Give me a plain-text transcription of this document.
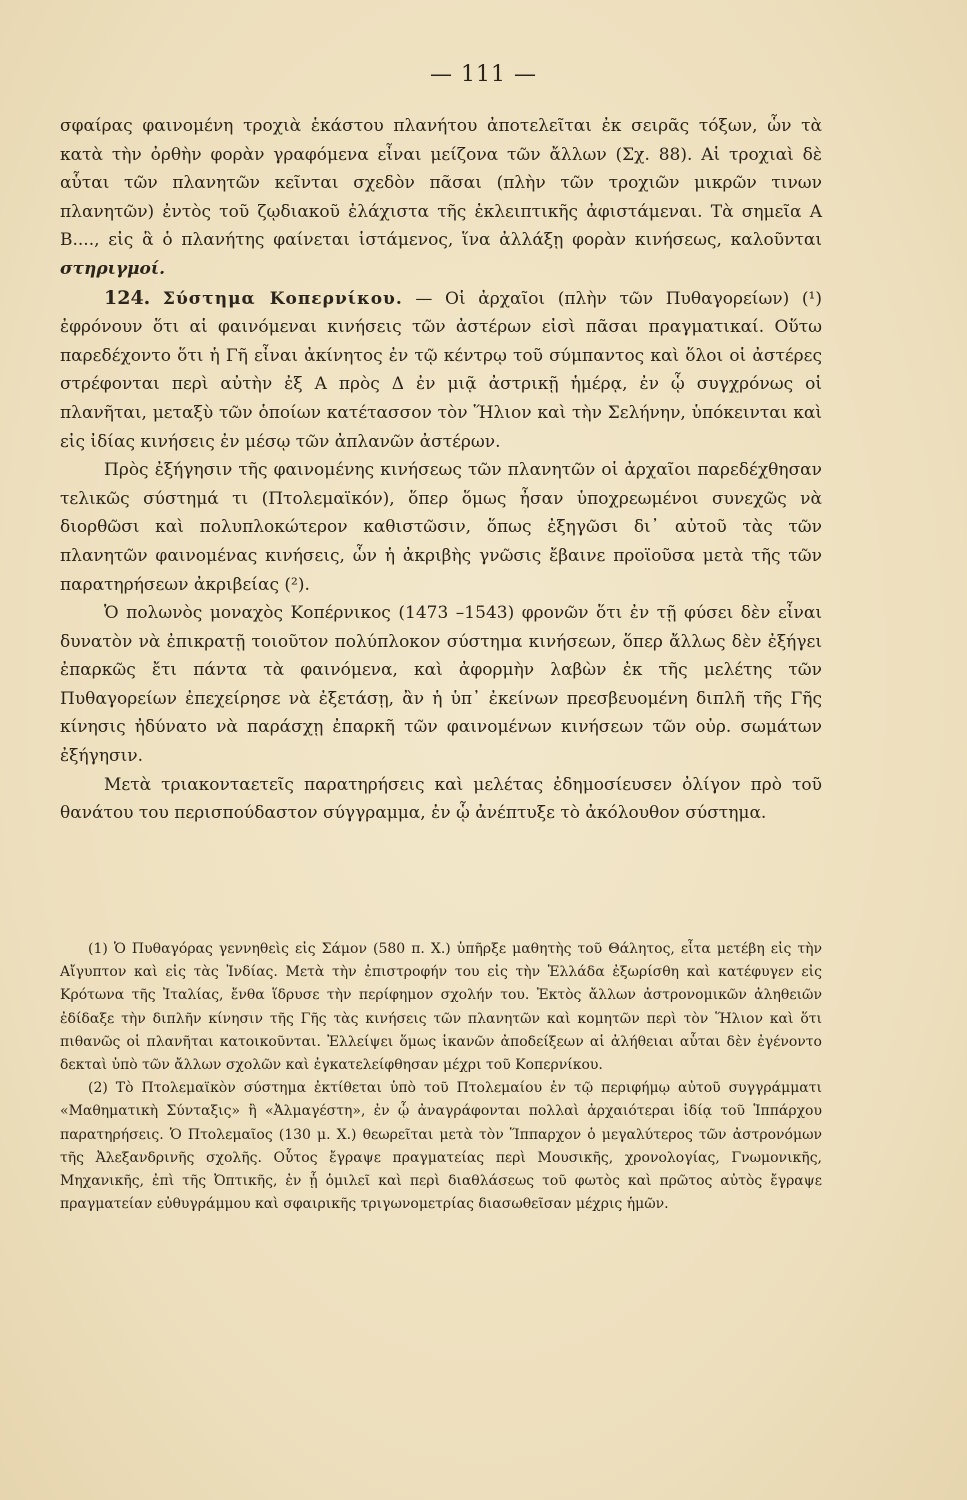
— 111 —

σφαίρας φαινομένη τροχιὰ ἑκάστου πλανήτου ἀποτελεῖται ἐκ σειρᾶς τόξων, ὧν τὰ κατὰ τὴν ὀρθὴν φορὰν γραφόμενα εἶναι μείζονα τῶν ἄλλων (Σχ. 88). Αἱ τροχιαὶ δὲ αὗται τῶν πλανητῶν κεῖνται σχεδὸν πᾶσαι (πλὴν τῶν τροχιῶν μικρῶν τινων πλανητῶν) ἐντὸς τοῦ ζῳδιακοῦ ἐλάχιστα τῆς ἐκλειπτικῆς ἀφιστάμεναι. Τὰ σημεῖα Α Β...., εἰς ἃ ὁ πλανήτης φαίνεται ἱστάμενος, ἵνα ἀλλάξῃ φορὰν κινήσεως, καλοῦνται στηριγμοί.

124. Σύστημα Κοπερνίκου. — Οἱ ἀρχαῖοι (πλὴν τῶν Πυθαγορείων) (¹) ἐφρόνουν ὅτι αἱ φαινόμεναι κινήσεις τῶν ἀστέρων εἰσὶ πᾶσαι πραγματικαί. Οὕτω παρεδέχοντο ὅτι ἡ Γῆ εἶναι ἀκίνητος ἐν τῷ κέντρῳ τοῦ σύμπαντος καὶ ὅλοι οἱ ἀστέρες στρέφονται περὶ αὐτὴν ἐξ Α πρὸς Δ ἐν μιᾷ ἀστρικῇ ἡμέρᾳ, ἐν ᾧ συγχρόνως οἱ πλανῆται, μεταξὺ τῶν ὁποίων κατέτασσον τὸν Ἥλιον καὶ τὴν Σελήνην, ὑπόκεινται καὶ εἰς ἰδίας κινήσεις ἐν μέσῳ τῶν ἀπλανῶν ἀστέρων.

Πρὸς ἐξήγησιν τῆς φαινομένης κινήσεως τῶν πλανητῶν οἱ ἀρχαῖοι παρεδέχθησαν τελικῶς σύστημά τι (Πτολεμαϊκόν), ὅπερ ὅμως ἦσαν ὑποχρεωμένοι συνεχῶς νὰ διορθῶσι καὶ πολυπλοκώτερον καθιστῶσιν, ὅπως ἐξηγῶσι δι᾽ αὐτοῦ τὰς τῶν πλανητῶν φαινομένας κινήσεις, ὧν ἡ ἀκριβὴς γνῶσις ἔβαινε προϊοῦσα μετὰ τῆς τῶν παρατηρήσεων ἀκριβείας (²).

Ὁ πολωνὸς μοναχὸς Κοπέρνικος (1473 –1543) φρονῶν ὅτι ἐν τῇ φύσει δὲν εἶναι δυνατὸν νὰ ἐπικρατῇ τοιοῦτον πολύπλοκον σύστημα κινήσεων, ὅπερ ἄλλως δὲν ἐξήγει ἐπαρκῶς ἔτι πάντα τὰ φαινόμενα, καὶ ἀφορμὴν λαβὼν ἐκ τῆς μελέτης τῶν Πυθαγορείων ἐπεχείρησε νὰ ἐξετάσῃ, ἂν ἡ ὑπ᾽ ἐκείνων πρεσβευομένη διπλῆ τῆς Γῆς κίνησις ἠδύνατο νὰ παράσχῃ ἐπαρκῆ τῶν φαινομένων κινήσεων τῶν οὐρ. σωμάτων ἐξήγησιν.

Μετὰ τριακονταετεῖς παρατηρήσεις καὶ μελέτας ἐδημοσίευσεν ὀλίγον πρὸ τοῦ θανάτου του περισπούδαστον σύγγραμμα, ἐν ᾧ ἀνέπτυξε τὸ ἀκόλουθον σύστημα.

(1) Ὁ Πυθαγόρας γεννηθεὶς εἰς Σάμον (580 π. Χ.) ὑπῆρξε μαθητὴς τοῦ Θάλητος, εἶτα μετέβη εἰς τὴν Αἴγυπτον καὶ εἰς τὰς Ἰνδίας. Μετὰ τὴν ἐπιστροφήν του εἰς τὴν Ἑλλάδα ἐξωρίσθη καὶ κατέφυγεν εἰς Κρότωνα τῆς Ἰταλίας, ἔνθα ἵδρυσε τὴν περίφημον σχολήν του. Ἐκτὸς ἄλλων ἀστρονομικῶν ἀληθειῶν ἐδίδαξε τὴν διπλῆν κίνησιν τῆς Γῆς τὰς κινήσεις τῶν πλανητῶν καὶ κομητῶν περὶ τὸν Ἥλιον καὶ ὅτι πιθανῶς οἱ πλανῆται κατοικοῦνται. Ἐλλείψει ὅμως ἱκανῶν ἀποδείξεων αἱ ἀλήθειαι αὗται δὲν ἐγένοντο δεκταὶ ὑπὸ τῶν ἄλλων σχολῶν καὶ ἐγκατελείφθησαν μέχρι τοῦ Κοπερνίκου.

(2) Τὸ Πτολεμαϊκὸν σύστημα ἐκτίθεται ὑπὸ τοῦ Πτολεμαίου ἐν τῷ περιφήμῳ αὐτοῦ συγγράμματι «Μαθηματικὴ Σύνταξις» ἢ «Ἀλμαγέστη», ἐν ᾧ ἀναγράφονται πολλαὶ ἀρχαιότεραι ἰδίᾳ τοῦ Ἱππάρχου παρατηρήσεις. Ὁ Πτολεμαῖος (130 μ. Χ.) θεωρεῖται μετὰ τὸν Ἵππαρχον ὁ μεγαλύτερος τῶν ἀστρονόμων τῆς Ἀλεξανδρινῆς σχολῆς. Οὗτος ἔγραψε πραγματείας περὶ Μουσικῆς, χρονολογίας, Γνωμονικῆς, Μηχανικῆς, ἐπὶ τῆς Ὀπτικῆς, ἐν ᾗ ὁμιλεῖ καὶ περὶ διαθλάσεως τοῦ φωτὸς καὶ πρῶτος αὐτὸς ἔγραψε πραγματείαν εὐθυγράμμου καὶ σφαιρικῆς τριγωνομετρίας διασωθεῖσαν μέχρις ἡμῶν.
